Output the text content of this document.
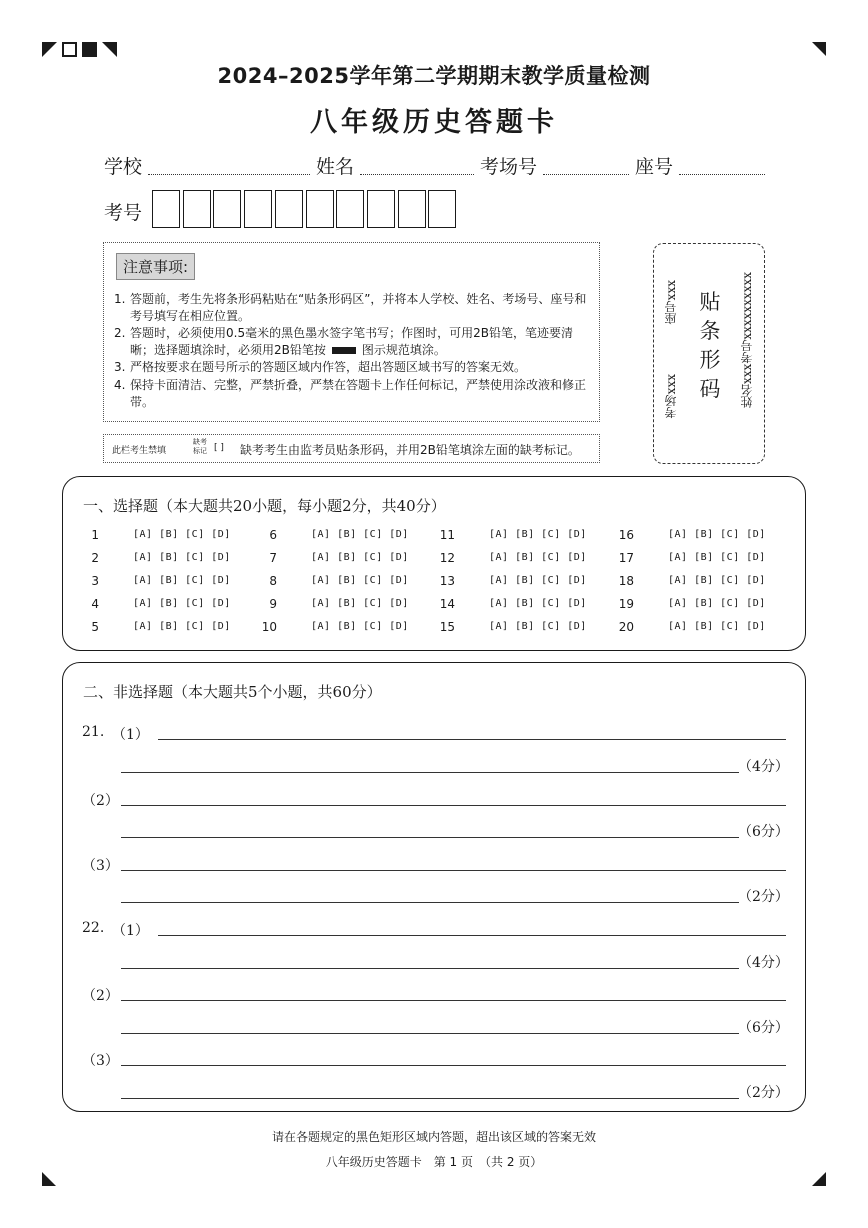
2024–2025学年第二学期期末教学质量检测
八年级历史答题卡
学校	姓名	考场号	座号
考号
注意事项:
1. 答题前，考生先将条形码粘贴在“贴条形码区”，并将本人学校、姓名、考场号、座号和考号填写在相应位置。
2. 答题时，必须使用0.5毫米的黑色墨水签字笔书写；作图时，可用2B铅笔，笔迹要清晰；选择题填涂时，必须用2B铅笔按	图示规范填涂。
3. 严格按要求在题号所示的答题区域内作答，超出答题区域书写的答案无效。
4. 保持卡面清洁、完整，严禁折叠，严禁在答题卡上作任何标记，严禁使用涂改液和修正带。
此栏考生禁填
缺考
标记 [ ] 缺考考生由监考员贴条形码，并用2B铅笔填涂左面的缺考标记。
贴条形码
考场xxx
座号xxx	姓名xxx考号xxxxxxxxxx
一、选择题（本大题共20小题，每小题2分，共40分）
1	[A] [B] [C] [D]
2	[A] [B] [C] [D]
3	[A] [B] [C] [D]
4	[A] [B] [C] [D]
5	[A] [B] [C] [D]
6	[A] [B] [C] [D]
7	[A] [B] [C] [D]
8	[A] [B] [C] [D]
9	[A] [B] [C] [D]
10	[A] [B] [C] [D]
11	[A] [B] [C] [D]
12	[A] [B] [C] [D]
13	[A] [B] [C] [D]
14	[A] [B] [C] [D]
15	[A] [B] [C] [D]
16	[A] [B] [C] [D]
17	[A] [B] [C] [D]
18	[A] [B] [C] [D]
19	[A] [B] [C] [D]
20	[A] [B] [C] [D]
二、非选择题（本大题共5个小题，共60分）
21. （1）
（4分）
（2）
（6分）
（3）
（2分）
22. （1）
（4分）
（2）
（6分）
（3）
（2分）
请在各题规定的黑色矩形区域内答题，超出该区域的答案无效
八年级历史答题卡　第 1 页　（共 2 页）
